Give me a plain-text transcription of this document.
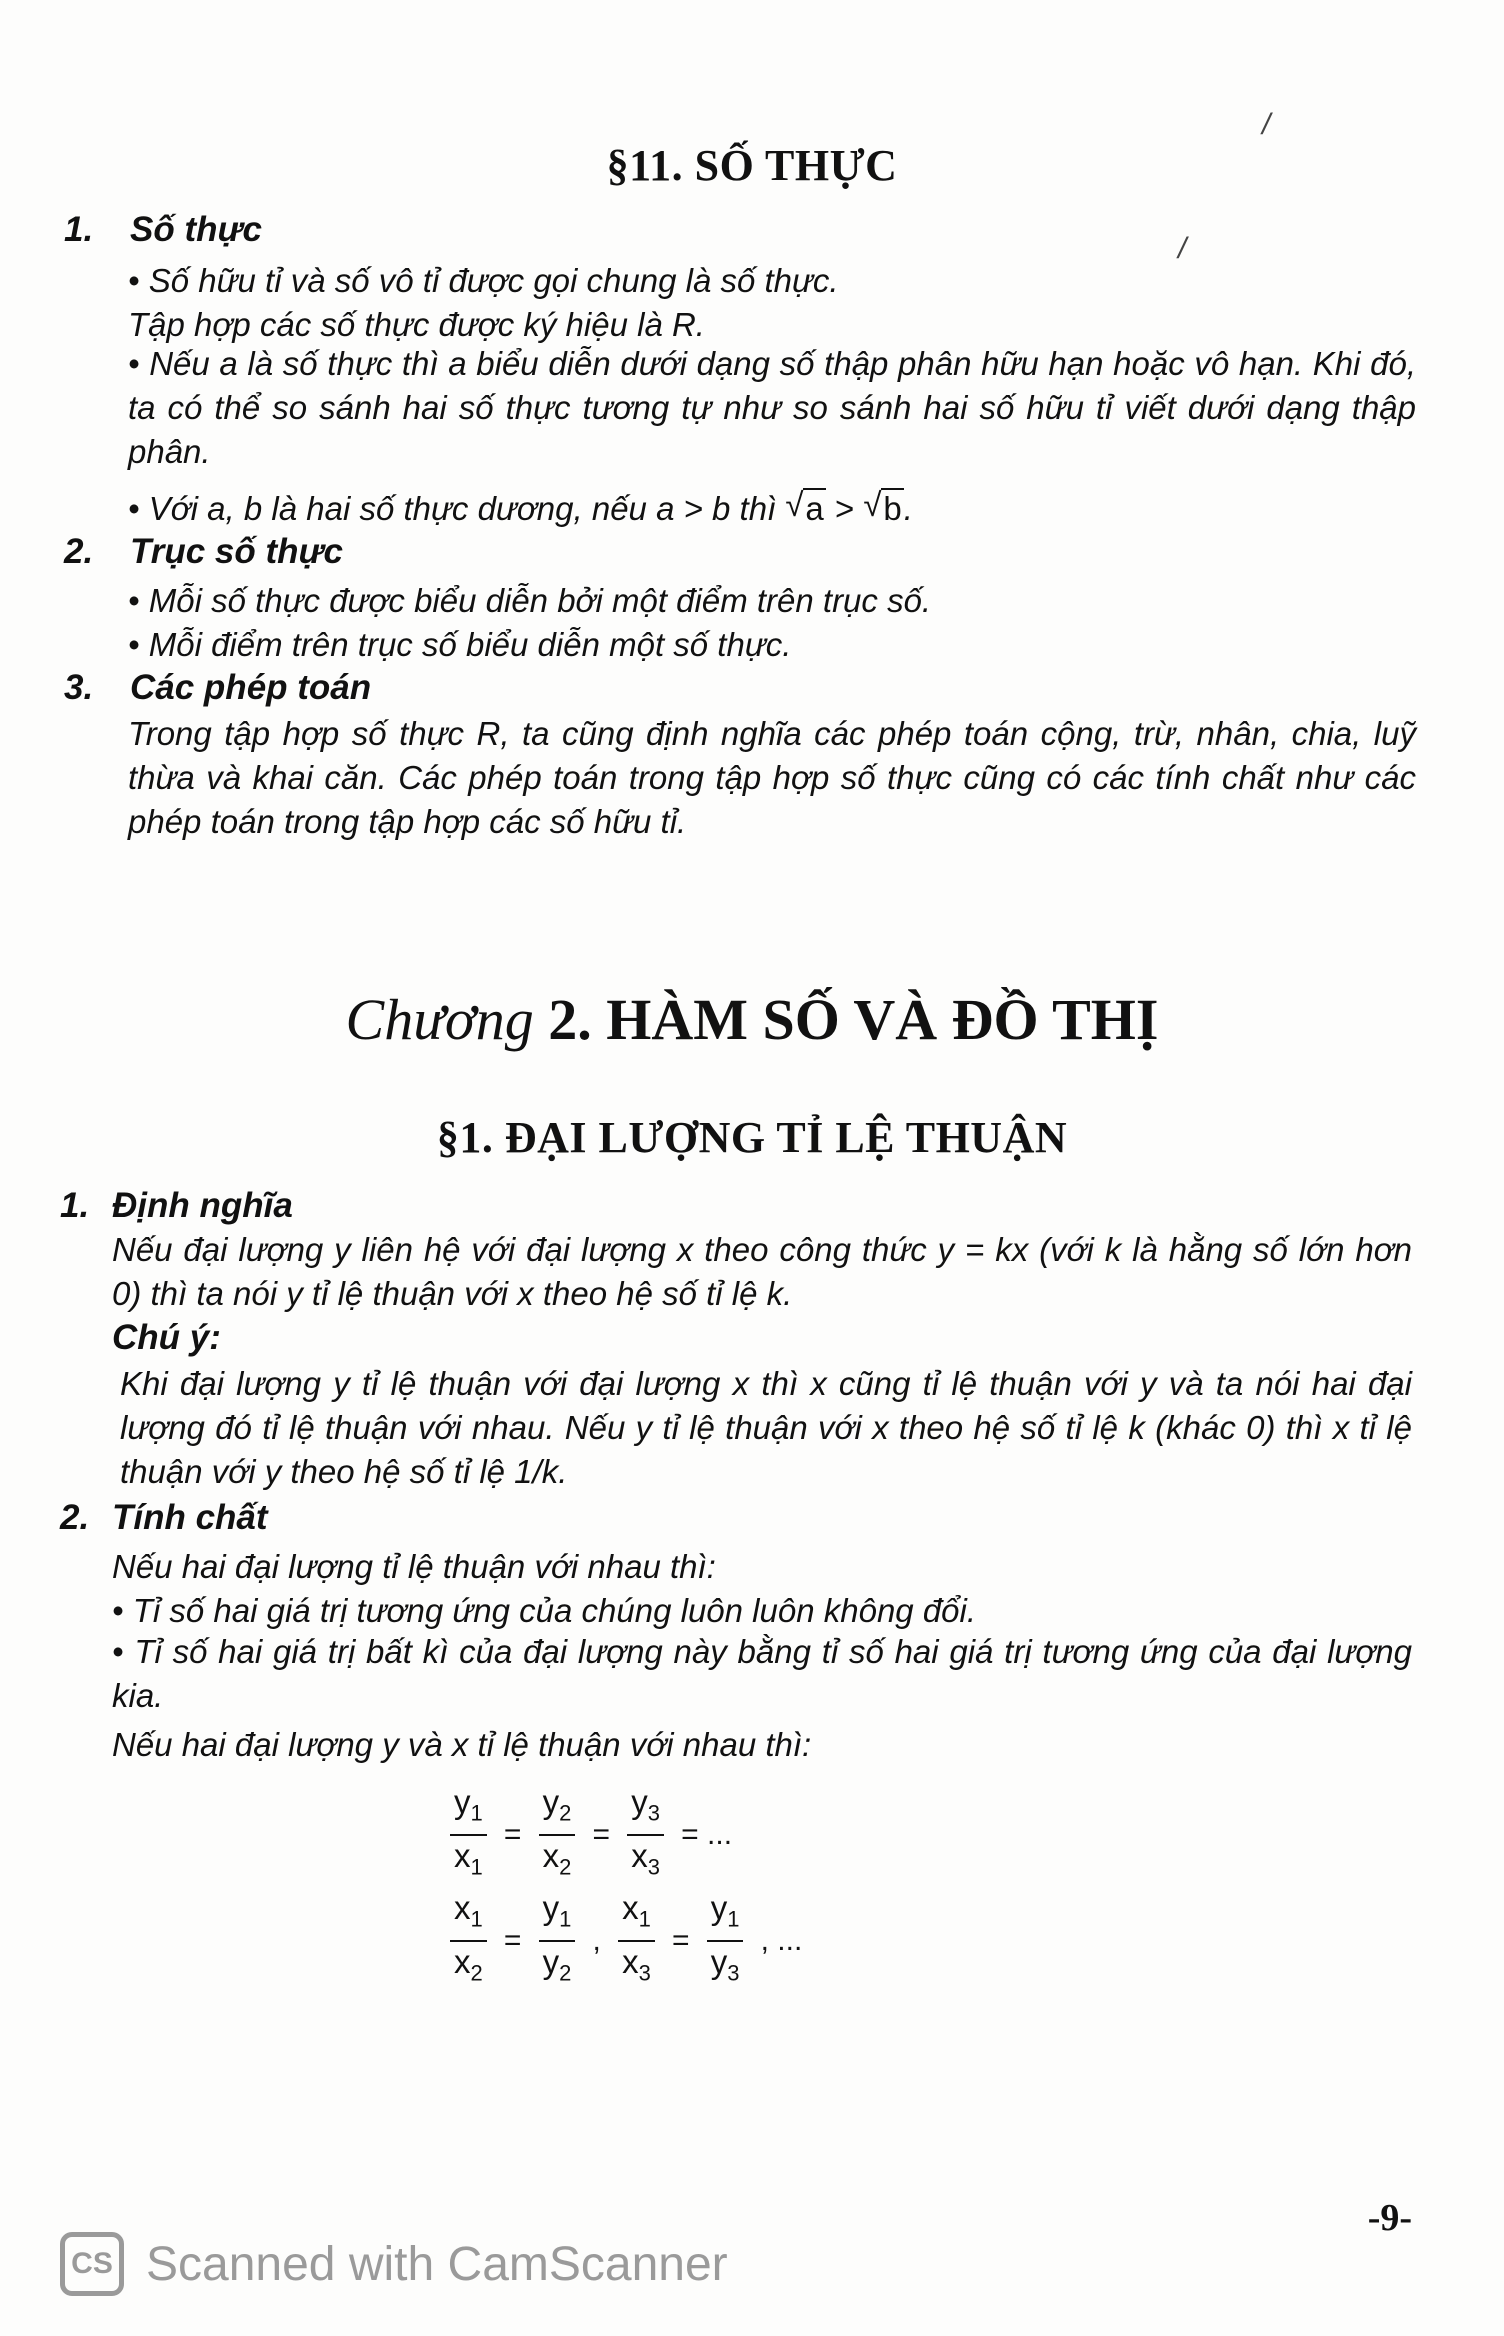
/
/
§11. SỐ THỰC
1. Số thực
• Số hữu tỉ và số vô tỉ được gọi chung là số thực.
Tập hợp các số thực được ký hiệu là R.
• Nếu a là số thực thì a biểu diễn dưới dạng số thập phân hữu hạn hoặc vô hạn. Khi đó, ta có thể so sánh hai số thực tương tự như so sánh hai số hữu tỉ viết dưới dạng thập phân.
• Với a, b là hai số thực dương, nếu a > b thì √ a > √ b.
2. Trục số thực
• Mỗi số thực được biểu diễn bởi một điểm trên trục số.
• Mỗi điểm trên trục số biểu diễn một số thực.
3. Các phép toán
Trong tập hợp số thực R, ta cũng định nghĩa các phép toán cộng, trừ, nhân, chia, luỹ thừa và khai căn. Các phép toán trong tập hợp số thực cũng có các tính chất như các phép toán trong tập hợp các số hữu tỉ.
Chương 2. HÀM SỐ VÀ ĐỒ THỊ
§1. ĐẠI LƯỢNG TỈ LỆ THUẬN
1. Định nghĩa
Nếu đại lượng y liên hệ với đại lượng x theo công thức y = kx (với k là hằng số lớn hơn 0) thì ta nói y tỉ lệ thuận với x theo hệ số tỉ lệ k.
Chú ý:
Khi đại lượng y tỉ lệ thuận với đại lượng x thì x cũng tỉ lệ thuận với y và ta nói hai đại lượng đó tỉ lệ thuận với nhau. Nếu y tỉ lệ thuận với x theo hệ số tỉ lệ k (khác 0) thì x tỉ lệ thuận với y theo hệ số tỉ lệ 1/k.
2. Tính chất
Nếu hai đại lượng tỉ lệ thuận với nhau thì:
• Tỉ số hai giá trị tương ứng của chúng luôn luôn không đổi.
• Tỉ số hai giá trị bất kì của đại lượng này bằng tỉ số hai giá trị tương ứng của đại lượng kia.
Nếu hai đại lượng y và x tỉ lệ thuận với nhau thì:
$\frac{y_1}{x_1} = \frac{y_2}{x_2} = \frac{y_3}{x_3}$ = ...
$\frac{x_1}{x_2} = \frac{y_1}{y_2}$ , $\frac{x_1}{x_3} = \frac{y_1}{y_3}$ , ...
-9-
CS Scanned with CamScanner
